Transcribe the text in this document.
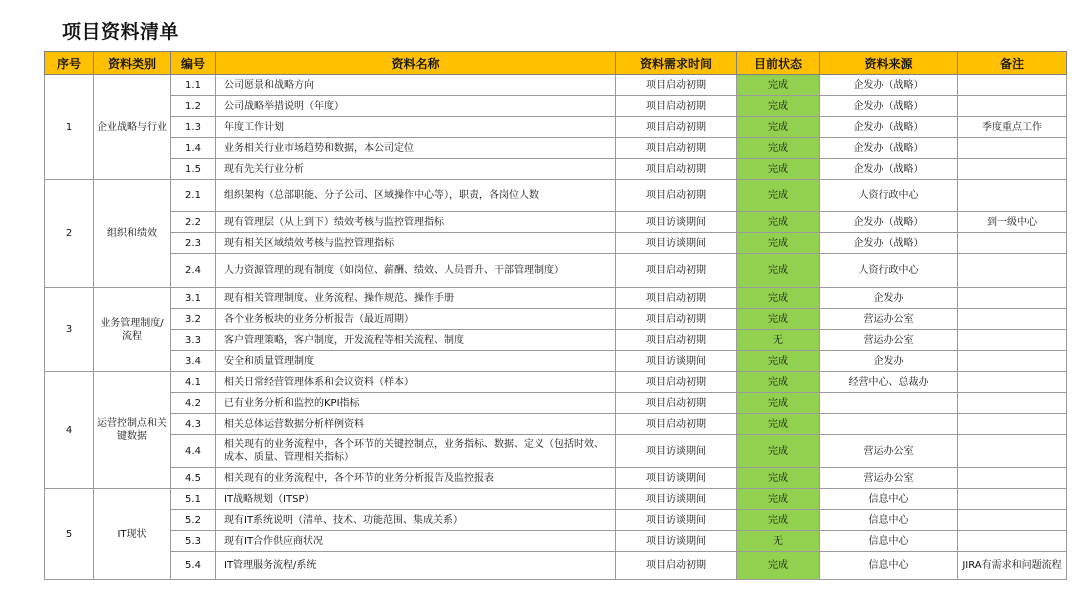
项目资料清单
序号	资料类别	编号	资料名称	资料需求时间	目前状态	资料来源	备注
1	企业战略与行业	1.1	公司愿景和战略方向	项目启动初期	完成	企发办（战略）	
		1.2	公司战略举措说明（年度）	项目启动初期	完成	企发办（战略）	
		1.3	年度工作计划	项目启动初期	完成	企发办（战略）	季度重点工作
		1.4	业务相关行业市场趋势和数据，本公司定位	项目启动初期	完成	企发办（战略）	
		1.5	现有先关行业分析	项目启动初期	完成	企发办（战略）	
2	组织和绩效	2.1	组织架构（总部职能、分子公司、区域操作中心等），职责，各岗位人数	项目启动初期	完成	人资行政中心	
		2.2	现有管理层（从上到下）绩效考核与监控管理指标	项目访谈期间	完成	企发办（战略）	到一级中心
		2.3	现有相关区域绩效考核与监控管理指标	项目访谈期间	完成	企发办（战略）	
		2.4	人力资源管理的现有制度（如岗位、薪酬、绩效、人员晋升、干部管理制度）	项目启动初期	完成	人资行政中心	
3	业务管理制度/流程	3.1	现有相关管理制度、业务流程、操作规范、操作手册	项目启动初期	完成	企发办	
		3.2	各个业务板块的业务分析报告（最近周期）	项目启动初期	完成	营运办公室	
		3.3	客户管理策略，客户制度，开发流程等相关流程、制度	项目启动初期	无	营运办公室	
		3.4	安全和质量管理制度	项目访谈期间	完成	企发办	
4	运营控制点和关键数据	4.1	相关日常经营管理体系和会议资料（样本）	项目启动初期	完成	经营中心、总裁办	
		4.2	已有业务分析和监控的KPI指标	项目启动初期	完成		
		4.3	相关总体运营数据分析样例资料	项目启动初期	完成		
		4.4	相关现有的业务流程中，各个环节的关键控制点，业务指标、数据、定义（包括时效、成本、质量、管理相关指标）	项目访谈期间	完成	营运办公室	
		4.5	相关现有的业务流程中，各个环节的业务分析报告及监控报表	项目访谈期间	完成	营运办公室	
5	IT现状	5.1	IT战略规划（ITSP）	项目访谈期间	完成	信息中心	
		5.2	现有IT系统说明（清单、技术、功能范围、集成关系）	项目访谈期间	完成	信息中心	
		5.3	现有IT合作供应商状况	项目访谈期间	无	信息中心	
		5.4	IT管理服务流程/系统	项目启动初期	完成	信息中心	JIRA有需求和问题流程
